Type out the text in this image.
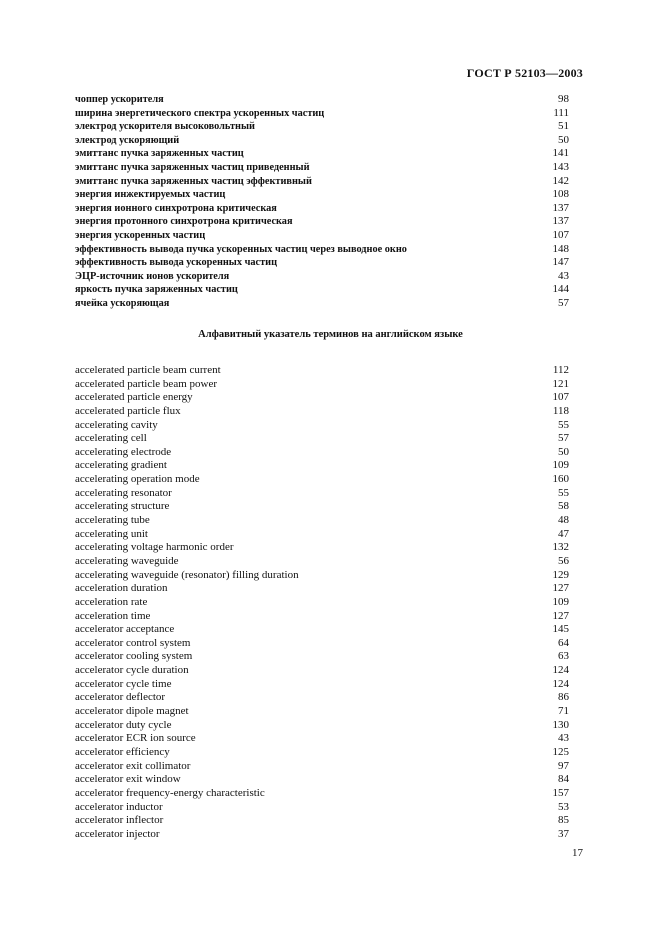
ГОСТ Р 52103—2003
чоппер ускорителя	98
ширина энергетического спектра ускоренных частиц	111
электрод ускорителя высоковольтный	51
электрод ускоряющий	50
эмиттанс пучка заряженных частиц	141
эмиттанс пучка заряженных частиц приведенный	143
эмиттанс пучка заряженных частиц эффективный	142
энергия инжектируемых частиц	108
энергия ионного синхротрона критическая	137
энергия протонного синхротрона критическая	137
энергия ускоренных частиц	107
эффективность вывода пучка ускоренных частиц через выводное окно	148
эффективность вывода ускоренных частиц	147
ЭЦР-источник ионов ускорителя	43
яркость пучка заряженных частиц	144
ячейка ускоряющая	57
Алфавитный указатель терминов на английском языке
accelerated particle beam current	112
accelerated particle beam power	121
accelerated particle energy	107
accelerated particle flux	118
accelerating cavity	55
accelerating cell	57
accelerating electrode	50
accelerating gradient	109
accelerating operation mode	160
accelerating resonator	55
accelerating structure	58
accelerating tube	48
accelerating unit	47
accelerating voltage harmonic order	132
accelerating waveguide	56
accelerating waveguide (resonator) filling duration	129
acceleration duration	127
acceleration rate	109
acceleration time	127
accelerator acceptance	145
accelerator control system	64
accelerator cooling system	63
accelerator cycle duration	124
accelerator cycle time	124
accelerator deflector	86
accelerator dipole magnet	71
accelerator duty cycle	130
accelerator ECR ion source	43
accelerator efficiency	125
accelerator exit collimator	97
accelerator exit window	84
accelerator frequency-energy characteristic	157
accelerator inductor	53
accelerator inflector	85
accelerator injector	37
17
